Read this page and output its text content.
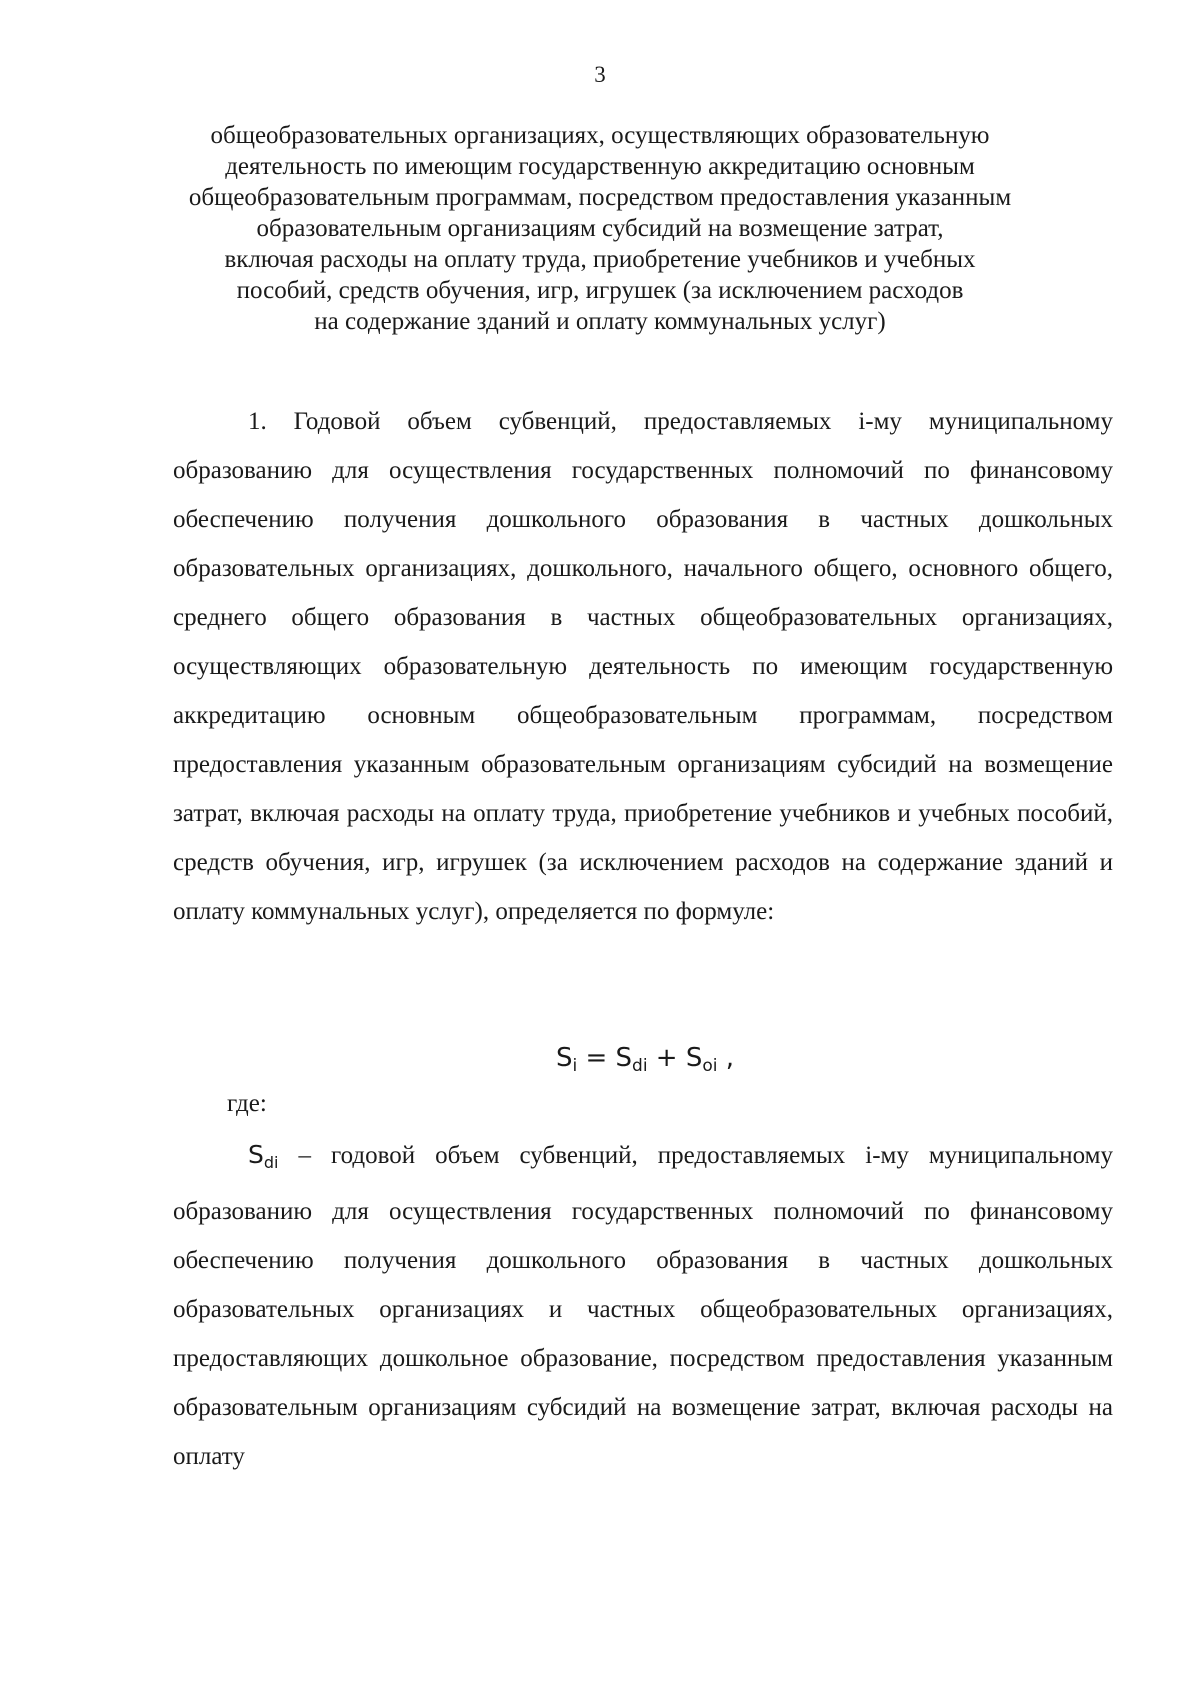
3
общеобразовательных организациях, осуществляющих образовательную
деятельность по имеющим государственную аккредитацию основным
общеобразовательным программам, посредством предоставления указанным
образовательным организациям субсидий на возмещение затрат,
включая расходы на оплату труда, приобретение учебников и учебных
пособий, средств обучения, игр, игрушек (за исключением расходов
на содержание зданий и оплату коммунальных услуг)

1. Годовой объем субвенций, предоставляемых i-му муниципальному образованию для осуществления государственных полномочий по финансовому обеспечению получения дошкольного образования в частных дошкольных образовательных организациях, дошкольного, начального общего, основного общего, среднего общего образования в частных общеобразовательных организациях, осуществляющих образовательную деятельность по имеющим государственную аккредитацию основным общеобразовательным программам, посредством предоставления указанным образовательным организациям субсидий на возмещение затрат, включая расходы на оплату труда, приобретение учебников и учебных пособий, средств обучения, игр, игрушек (за исключением расходов на содержание зданий и оплату коммунальных услуг), определяется по формуле:

$S_i = S_{di} + S_{oi}$ ,
где:

$S_{di}$ – годовой объем субвенций, предоставляемых i-му муниципальному образованию для осуществления государственных полномочий по финансовому обеспечению получения дошкольного образования в частных дошкольных образовательных организациях и частных общеобразовательных организациях, предоставляющих дошкольное образование, посредством предоставления указанным образовательным организациям субсидий на возмещение затрат, включая расходы на оплату
